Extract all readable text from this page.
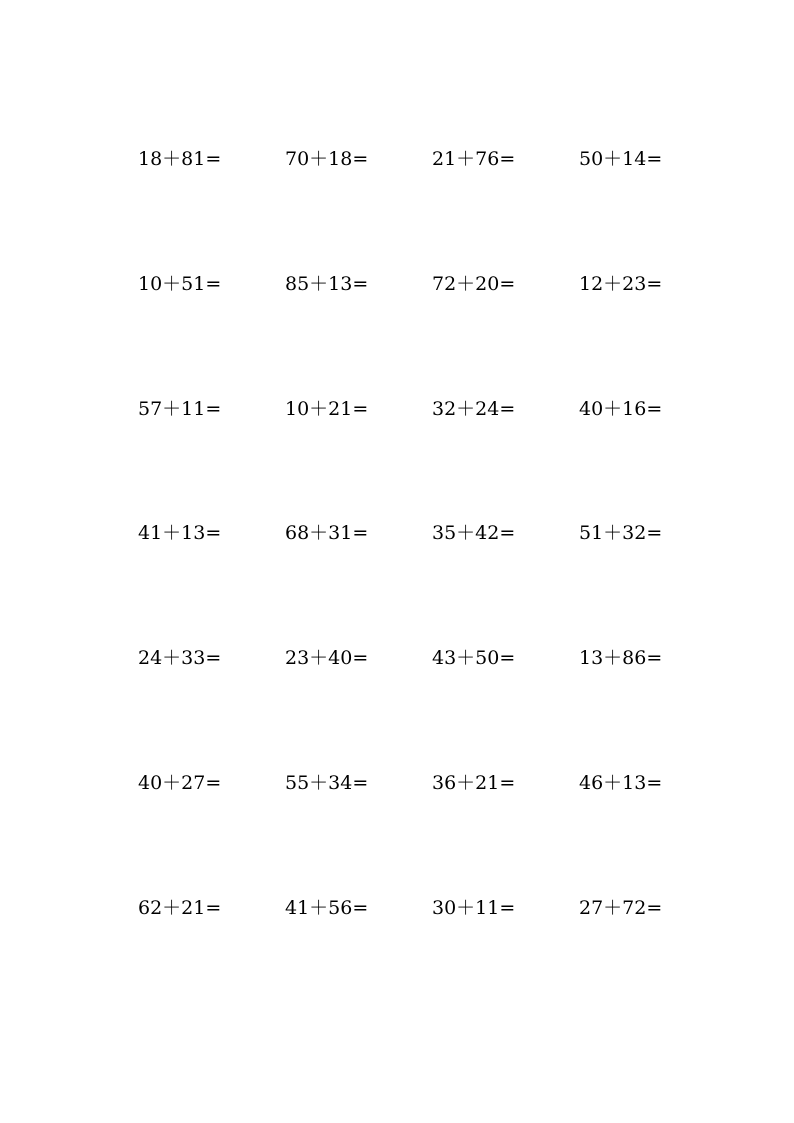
18＋81=	70＋18=	21＋76=	50＋14=
10＋51=	85＋13=	72＋20=	12＋23=
57＋11=	10＋21=	32＋24=	40＋16=
41＋13=	68＋31=	35＋42=	51＋32=
24＋33=	23＋40=	43＋50=	13＋86=
40＋27=	55＋34=	36＋21=	46＋13=
62＋21=	41＋56=	30＋11=	27＋72=
